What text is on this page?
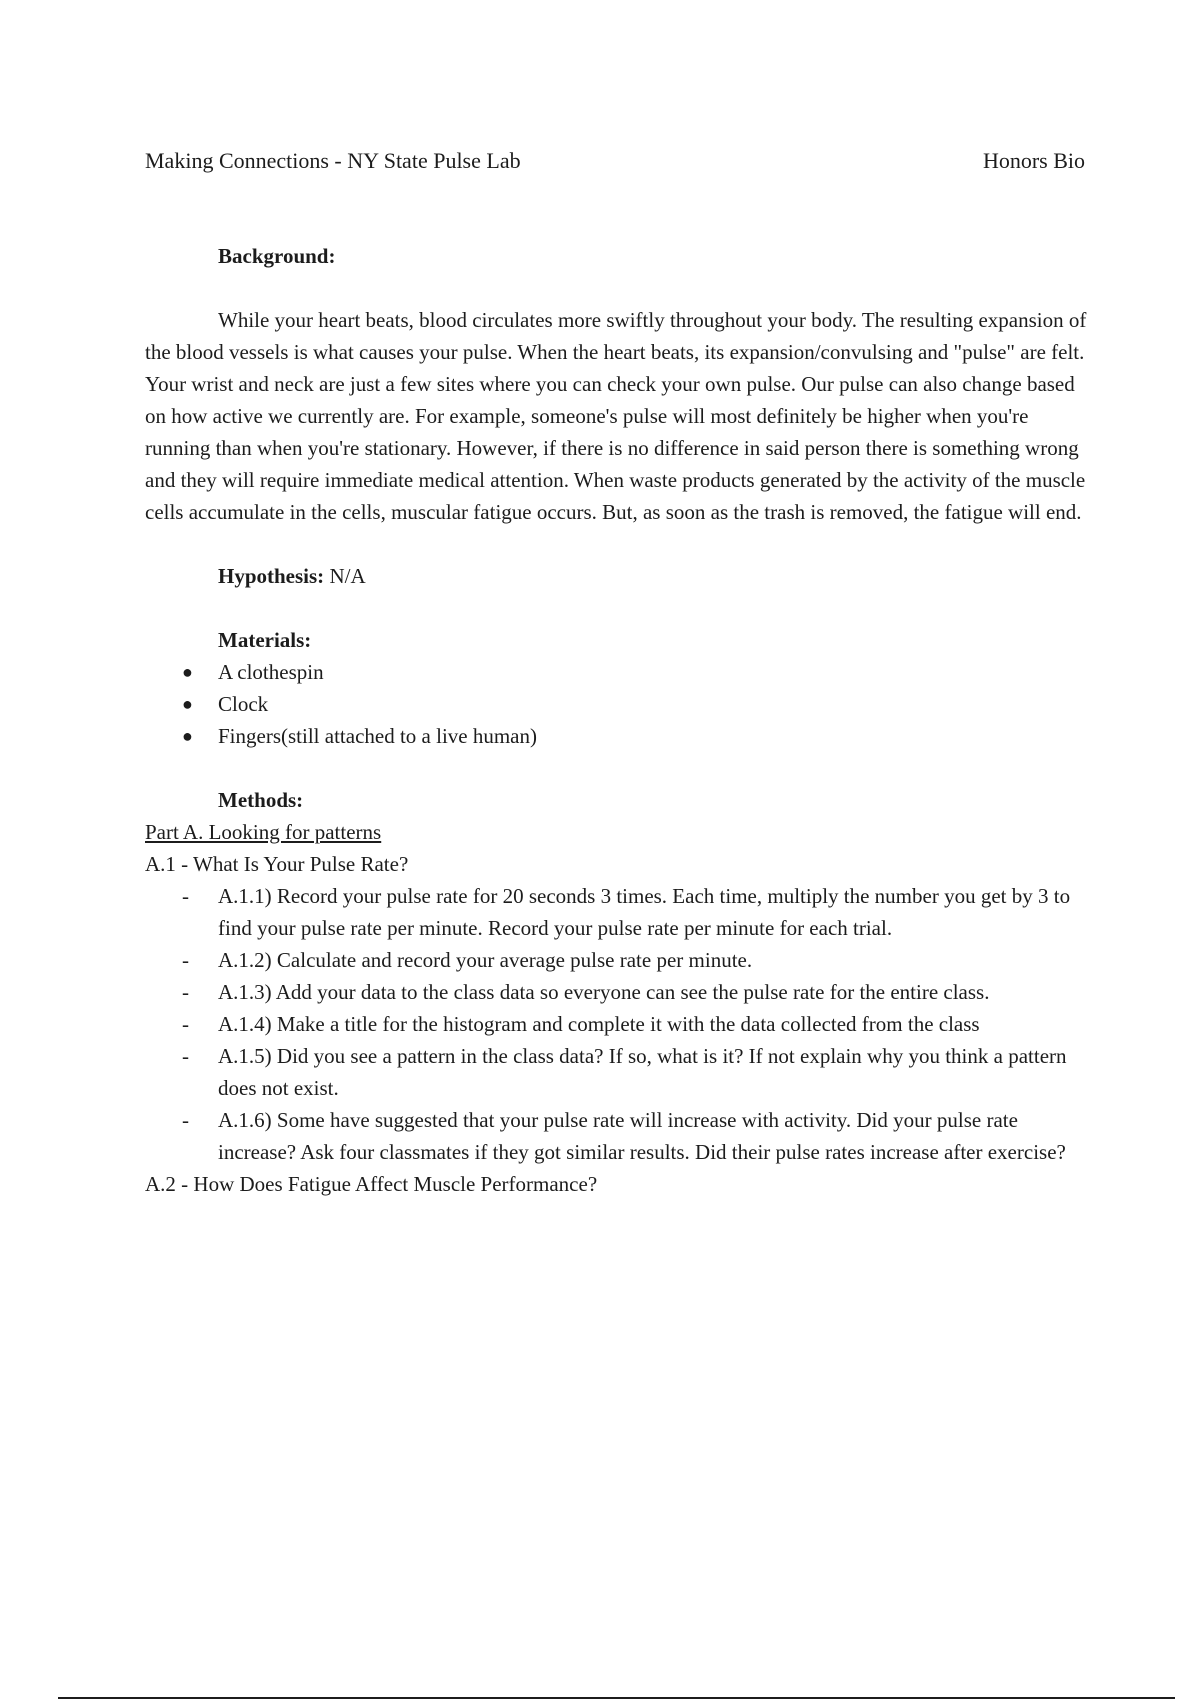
Making Connections - NY State Pulse Lab	Honors Bio
Background:

While your heart beats, blood circulates more swiftly throughout your body. The resulting expansion of the blood vessels is what causes your pulse. When the heart beats, its expansion/convulsing and "pulse" are felt. Your wrist and neck are just a few sites where you can check your own pulse. Our pulse can also change based on how active we currently are. For example, someone's pulse will most definitely be higher when you're running than when you're stationary. However, if there is no difference in said person there is something wrong and they will require immediate medical attention. When waste products generated by the activity of the muscle cells accumulate in the cells, muscular fatigue occurs. But, as soon as the trash is removed, the fatigue will end.

Hypothesis: N/A
Materials:
● A clothespin
● Clock
● Fingers(still attached to a live human)
Methods:
Part A. Looking for patterns
A.1 - What Is Your Pulse Rate?
- A.1.1) Record your pulse rate for 20 seconds 3 times. Each time, multiply the number you get by 3 to find your pulse rate per minute. Record your pulse rate per minute for each trial.
- A.1.2) Calculate and record your average pulse rate per minute.
- A.1.3) Add your data to the class data so everyone can see the pulse rate for the entire class.
- A.1.4) Make a title for the histogram and complete it with the data collected from the class
- A.1.5) Did you see a pattern in the class data? If so, what is it? If not explain why you think a pattern does not exist.
- A.1.6) Some have suggested that your pulse rate will increase with activity. Did your pulse rate increase? Ask four classmates if they got similar results. Did their pulse rates increase after exercise?
A.2 - How Does Fatigue Affect Muscle Performance?
